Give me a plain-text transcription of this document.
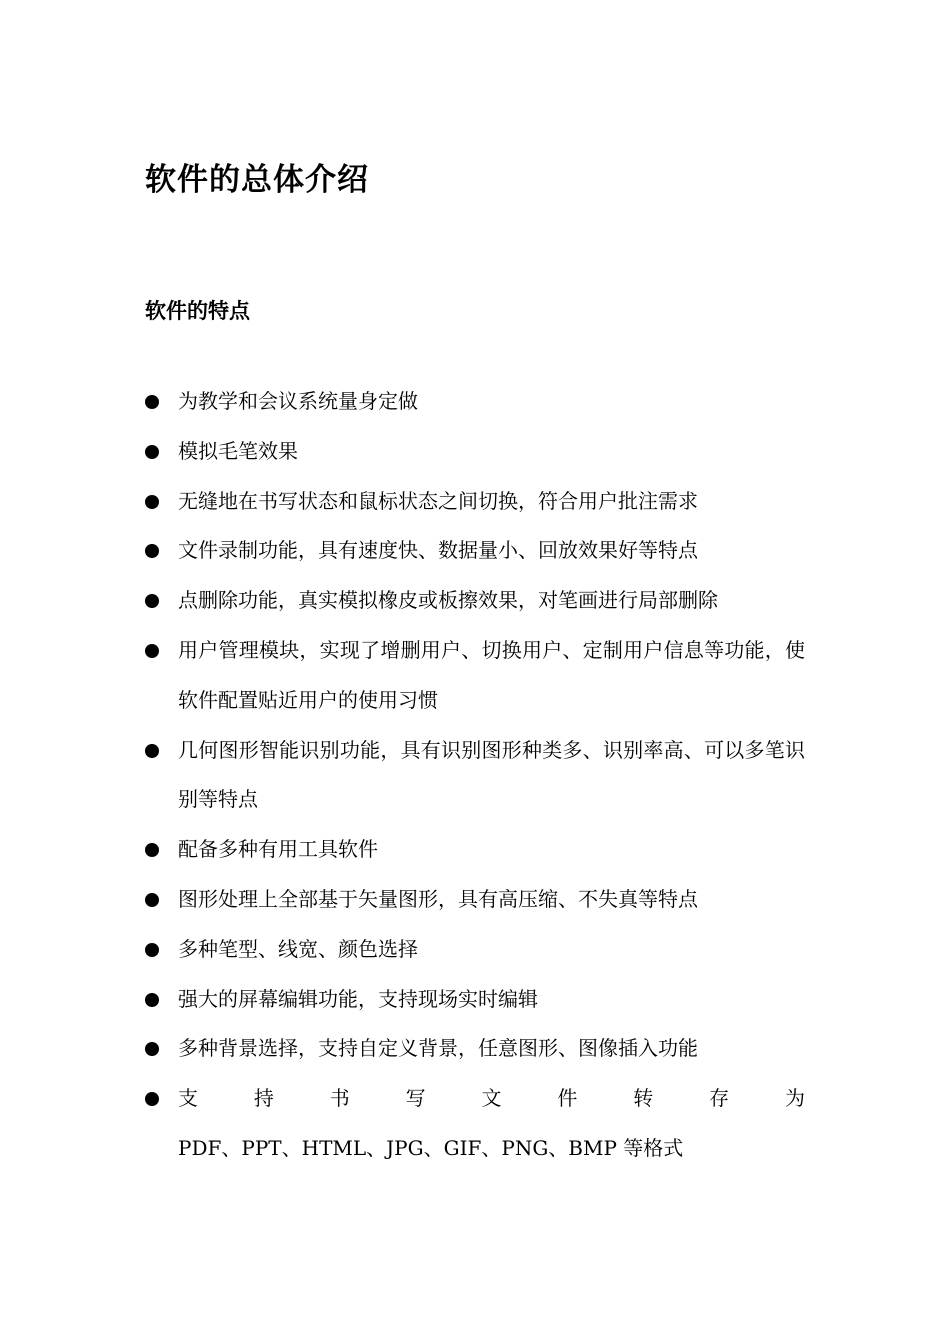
软件的总体介绍
软件的特点
为教学和会议系统量身定做
模拟毛笔效果
无缝地在书写状态和鼠标状态之间切换，符合用户批注需求
文件录制功能，具有速度快、数据量小、回放效果好等特点
点删除功能，真实模拟橡皮或板擦效果，对笔画进行局部删除
用户管理模块，实现了增删用户、切换用户、定制用户信息等功能，使软件配置贴近用户的使用习惯
几何图形智能识别功能，具有识别图形种类多、识别率高、可以多笔识别等特点
配备多种有用工具软件
图形处理上全部基于矢量图形，具有高压缩、不失真等特点
多种笔型、线宽、颜色选择
强大的屏幕编辑功能，支持现场实时编辑
多种背景选择，支持自定义背景，任意图形、图像插入功能
支	持	书	写	文	件	转	存	为
PDF、PPT、HTML、JPG、GIF、PNG、BMP 等格式
